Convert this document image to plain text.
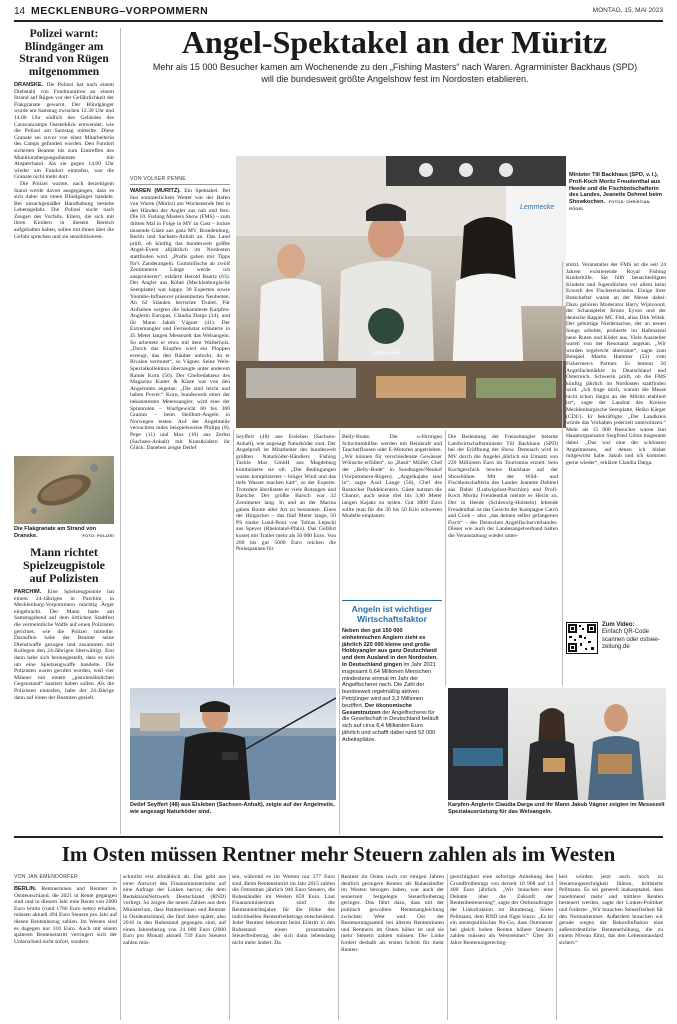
14 MECKLENBURG–VORPOMMERN	MONTAG, 15. MAI 2023
Polizei warnt: Blindgänger am Strand von Rügen mitgenommen
DRANSKE. Die Polizei hat nach einem Diebstahl von Fundmunition an einem Strand auf Rügen vor der Gefährlichkeit der Flakgranate gewarnt. Der Blindgänger wurde am Samstag zwischen 12.30 Uhr und 14.00 Uhr südlich des Geländes des Caravancamps Ostseeblick entwendet, wie die Polizei am Samstag mitteilte. Diese Granate sei zuvor von einer Mitarbeiterin des Camps gefunden worden. Den Fundort sicherten Beamte bis zum Eintreffen des Munitionsbergungsdienstes mit Absperrband. Als sie gegen 14.00 Uhr wieder am Fundort eintrafen, war die Granate nicht mehr dort.
Die Polizei warnte, nach derzeitigem Stand werde davon ausgegangen, dass es sich dabei um einen Blindgänger handele. Bei unsachgemäßer Handhabung bestehe Lebensgefahr. Die Polizei sucht nach Zeugen des Vorfalls. Eltern, die sich mit ihren Kindern in diesem Bereich aufgehalten haben, sollen mit ihnen über die Gefahr sprechen und sie sensibilisieren.
Die Flakgranate am Strand von Dranske.	FOTO: POLIZEI
Mann richtet Spielzeugpistole auf Polizisten
PARCHIM. Eine Spielzeugpistole hat einem 24-Jährigen in Parchim in Mecklenburg-Vorpommern mächtig Ärger eingebracht. Der Mann hatte am Samstagabend auf dem örtlichen Stadtfest die vermeintliche Waffe auf einen Polizisten gerichtet, wie die Polizei mitteilte. Daraufhin habe der Beamte seine Dienstwaffe gezogen und zusammen mit Kollegen den 24-Jährigen überwältigt. Erst dann habe sich herausgestellt, dass es sich um eine Spielzeugwaffe handelte. Die Polizisten waren gerufen worden, weil vier Männer mit einem „pistolenähnlichen Gegenstand“ hantiert haben sollen. Als die Polizisten eintrafen, habe der 24-Jährige dann auf einen der Beamten gezielt.
Angel-Spektakel an der Müritz
Mehr als 15 000 Besucher kamen am Wochenende zu den „Fishing Masters“ nach Waren. Agrarminister Backhaus (SPD) will die bundesweit größte Angelshow fest im Nordosten etablieren.
CATCH & COOK
Lemmecke
Minister Till Backhaus (SPD, v. l.), Profi-Koch Moritz Freudenthal aus Heede und die Fischbotschafterin des Landes, Jeanette Dehmel beim Showkochen. FOTOS: CHRISTIAN RÖDEL
VON VOLKER PENNE
WAREN (MÜRITZ). Ein Spektakel. Bei fast sommerlichem Wetter war der Hafen von Waren (Müritz) am Wochenende fest in den Händen der Angler aus nah und fern. Die 10. Fishing Masters Show (FMS) – zum dritten Mal in Folge in MV zu Gast – lockte tausende Gäste aus ganz MV, Brandenburg, Berlin und Sachsen-Anhalt an. Das Land prüft, ob künftig das bundesweit größte Angel-Event alljährlich im Nordosten stattfinden wird. „Profis gaben mir Tipps für's Zanderangeln. Gummifische ab zwölf Zentimetern Länge werde ich ausprobieren“, erklärte Herold Baartz (63). Der Angler aus Röbel (Mecklenburgische Seenplatte) war happy. 30 Experten sowie Youtube-Influencer präsentierten Neuheiten. An 62 Ständen herrschte Trubel. Für Aufsehen sorgten die bekannteste Karpfen-Anglerin Europas, Claudia Darga (34), und ihr Mann Jakub Vágner (41). Der Extremangler und Fernsehstar erläuterte in 45 Meter langen Messezelt das Welsangeln. So arbeitete er etwa mit dem Wallerholz. „Durch das Klopfen wird ein Ploppen erzeugt, das den Räuber anlockt, da er Rivalen vermutet“, so Vágner. Seine Wels-Spezialkollektion überzeugte unter anderem Rainer Korn (56). Der Chefredakteur des Magazins Kutter & Küste war von den Angelruten angetan: „Die sind leicht und haben Power.“ Korn, bundesweit einer der bekanntesten Meeresangler, wird eine der Spinnruten – Wurfgewicht 80 bis 300 Gramm – beim Heilbutt-Angeln in Norwegen testen. Auf der Angelmeile versuchten indes beispielsweise Philipp (8), Pepe (11) und Max (10) aus Zerbst (Sachsen-Anhalt) mit Kunstködern ihr Glück. Daneben zeigte Detlef
Seyffert (48) aus Eisleben (Sachsen-Anhalt), wie angesagt Naturköder sind. Der Angelprofi ist Mitarbeiter des bundesweit größten Naturköder-Händlers Fishing Tackle Max GmbH aus Magdeburg kombinierte sie oft. „Die Bedingungen waren komplizierter – böiger Wind und das tiefe Wasser machen kalt“, so der Experte. Trotzdem überlistete er viele Rotaugen und Barsche. Der größte Barsch war 32 Zentimeter lang. In und an der Marina gaben Boote aller Art zu bestaunen. Eines der Hingucker – das fünf Meter lange, 50 PS starke Lund-Boot von Tobias Lepschi aus Speyer (Rheinland-Pfalz). Das Gefährt kostet mit Trailer mehr als 50 000 Euro. Von 200 bis gut 5000 Euro reichen die Preisspannen für
Belly-Boate. Die u-förmigen Schwimmhilfen werden mit Beinkraft und Taucherflossen oder E-Motoren angetrieben. „Wir können für verschiedenste Gewässer Wünsche erfüllen“, so „Basti“ Müller, Chef der „Belly-Bude“ in Sundhagen/Neuhof (Vorpommern-Rügen). „Angelkajaks sind in“, sagte Axel Lange (56), Chef des Rostocker Paddelcenters. Gäste nutzten die Chance, auch seine drei bis 3,80 Meter langen Kajaks zu testen. Gut 3000 Euro sollte man für die 30 bis 50 Kilo schweren Modelle einplanen.
Angeln ist wichtiger Wirtschaftsfaktor
Neben den gut 150 000 einheimischen Anglern zieht es jährlich 220 000 kleine und große Hobbyangler aus ganz Deutschland und dem Ausland in den Nordosten. In Deutschland gingen im Jahr 2021 insgesamt 6,64 Millionen Menschen mindestens einmal im Jahr der Angelfischerei nach. Die Zahl der bundesweit regelmäßig aktiven Petrijünger wird auf 3,3 Millionen beziffert. Der ökonomische Gesamtnutzen der Angelfischerei für die Gesellschaft in Deutschland beläuft sich auf circa 6,4 Milliarden Euro jährlich und schafft dabei rund 52 000 Arbeitsplätze.
Die Bedeutung der Freizeitangler betonte Landwirtschaftsminister Till Backhaus (SPD) bei der Eröffnung der Show. Demnach wird in MV durch die Angelei jährlich ein Umsatz von 220 Millionen Euro im Tourismus erzielt. Sein Kochgeschick bewies Backhaus auf der Showbühne. Mit der Wild- und Fischbotschafterin des Landes Jeanette Dehmel aus Dabel (Ludwigslust-Parchim) und Profi-Koch Moritz Freudenthal meinte er Hecht zu. Der in Heede (Schleswig-Holstein) lebende Freudenthal ist das Gesicht der Kampagne Catch and Cook – also „das deinen selbst gefangenen Fisch“ – des Deutschen Angelfischerverbandes. Dieser wie auch der Landesangelverband hatten die Veranstaltung wieder unter-
stützt. Veranstalter der FMS ist die seit 24 Jahren existierende Royal Fishing Kinderhilfe. Sie hilft benachteiligten Kindern und Jugendlichen vor allem beim Erwerb des Fischereischeins. Einige ihrer Botschafter waren an der Messe dabei: Dazu gehören Moderator Harry Wijnvoord, der Schauspieler Bruno Eyron und der deutsche Rapper MC Fitti, alias Dirk Witek. Der gebürtige Niedersachse, der an neuen Songs arbeitet, probierte im Hafenareal neue Ruten und Köder aus. Viele Aussteller waren von der Resonanz angetan. „Wir wurden regelrecht überrannt“, sagte zum Beispiel Martin Hammer (53) vom Fishermen's Partner. Er betreut 56 Angelfachmärkte in Deutschland und Österreich. Schwerin prüft, ob die FMS künftig jährlich im Nordosten stattfinden wird. „Ich frage mich, warum die Messe nicht schon längst an der Müritz etabliert ist“, sagte der Landrat des Kreises Mecklenburgische Seenplatte, Heiko Kärger (CDU). Er bekräftigte: „Der Landkreis würde das Vorhaben jederzeit unterstützen.“ Mehr als 15 000 Besucher waren laut Hauptorganisator Siegfried Götze insgesamt dabei. „Das war eine der schönsten Angelmessen, auf denen ich bisher mitgewirkt habe. Jakub und ich kommen gerne wieder“, erklärte Claudia Darga.
Zum Video:
Einfach QR-Code scannen oder ostsee-zeitung.de
Detlef Seyffert (48) aus Eisleben (Sachsen-Anhalt), zeigte auf der Angelmeile, wie angesagt Naturköder sind.
Karpfen-Anglerin Claudia Darga und ihr Mann Jakub Vágner zeigten im Messezelt Spezialausrüstung für das Welsangeln.
Im Osten müssen Rentner mehr Steuern zahlen als im Westen
VON JAN EMENDÖRFER
BERLIN. Rentnerinnen und Rentner in Ostdeutschland, die 2021 in Rente gegangen sind und in diesem Jahr eine Rente von 2000 Euro brutto (rund 1760 Euro netto) erhalten, müssen aktuell 494 Euro Steuern pro Jahr auf diesen Rentenbezug zahlen. Im Westen sind es dagegen nur 310 Euro. Auch mit einem späteren Renteneintritt verringert sich der Unterschied nicht sofort, sondern
schmilzt erst allmählich ab. Das geht aus einer Antwort des Finanzministeriums auf eine Anfrage der Linken hervor, die dem RedaktionsNetzwerk Deutschland (RND) vorliegt. So zeigen die neuen Zahlen aus dem Ministerium, dass Rentnerinnen und Rentner in Ostdeutschland, die fünf Jahre später, also 2010 in den Ruhestand gegangen sind, auf einen Jahresbezug von 24 000 Euro (2000 Euro pro Monat) aktuell 739 Euro Steuern zahlen müs-
sen, während es im Westen nur 377 Euro sind. Beim Renteneintritt im Jahr 2015 zahlen die Ostrentner jährlich 940 Euro Steuern, die Ruheständler im Westen 859 Euro. Laut Finanzministerium sind die Renteneintrittsjahre für die Höhe des individuellen Rentenfreibetrags entscheidend. Jeder Rentner bekommt beim Eintritt in den Ruhestand einen prozentualen Steuerfreibetrag, der sich dann lebenslang nicht mehr ändert. Da
Rentner im Osten noch vor einigen Jahren deutlich geringere Renten als Ruheständler im Westen bezogen haben, war auch der seinerzeit festgelegte Steuerfreibetrag geringer. Das führt dazu, dass mit der politisch gewollten Rentenangleichung zwischen West und Ost der Besteuerungsanteil bei älteren Rentnerinnen und Rentnern im Osten höher ist und sie mehr Steuern zahlen müssen. Die Linke fordert deshalb als ersten Schritt für mehr Renten-
gerechtigkeit eine sofortige Anhebung des Grundfreibetrags von derzeit 10 908 auf 14 400 Euro jährlich. „Wir brauchen eine Debatte über die Zukunft der Rentenbesteuerung“, sagte der Ostbeauftragte der Linksfraktion im Bundestag, Sören Pellmann, dem RND und fügte hinzu: „Es ist ein steuerpolitisches No-Go, dass Ostrentner bei gleich hohen Renten höhere Steuern zahlen müssen als Westrentner.“ Über 30 Jahre Rentenungerechtig-
keit würden jetzt auch noch zu Steuerungerechtigkeit führen, kritisierte Pellmann. Es sei generell inakzeptabel, dass zunehmend mehr und mittlere Renten besteuert werden, sagte der Linken-Politiker und forderte: „Wir brauchen Steuerfreiheit für den Normalrentner. Außerdem brauchen wir gerade wegen der Rekordinflation eine außerordentliche Rentenerhöhung, die zu einem Niveau führt, das den Lebensstandard sichert.“
